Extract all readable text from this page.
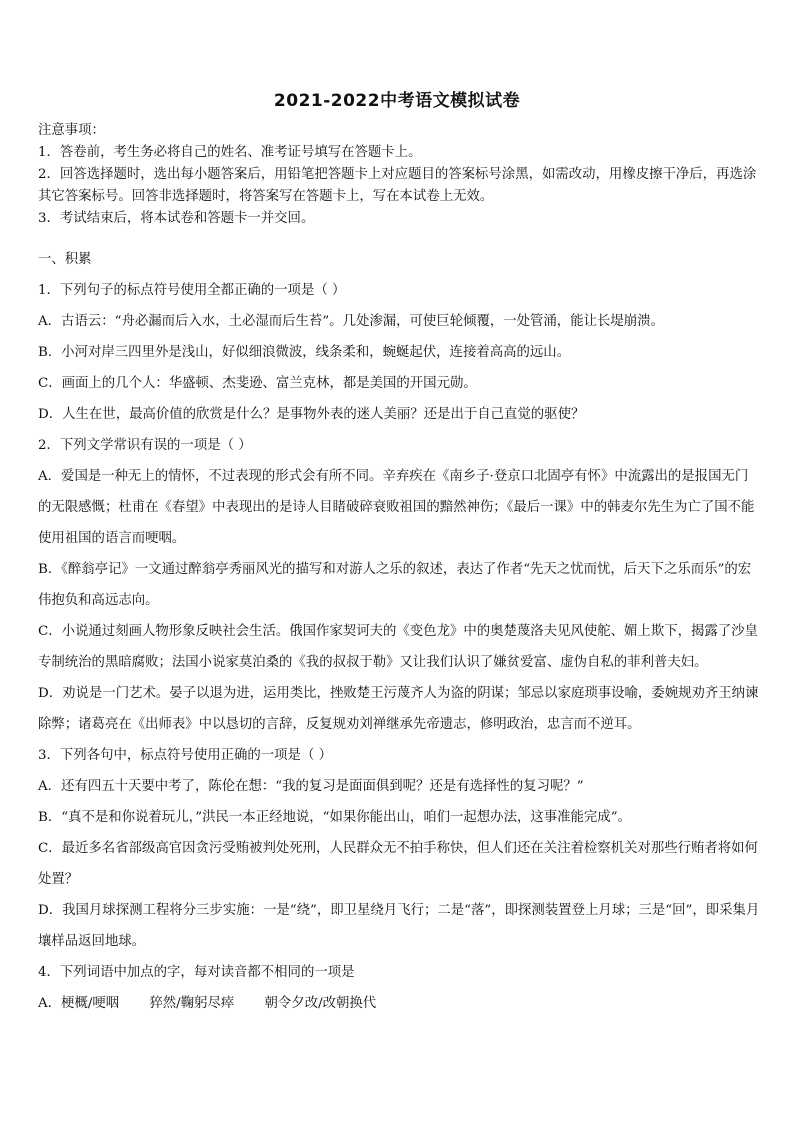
2021-2022中考语文模拟试卷

注意事项：

1．答卷前，考生务必将自己的姓名、准考证号填写在答题卡上。

2．回答选择题时，选出每小题答案后，用铅笔把答题卡上对应题目的答案标号涂黑，如需改动，用橡皮擦干净后，再选涂其它答案标号。回答非选择题时，将答案写在答题卡上，写在本试卷上无效。

3．考试结束后，将本试卷和答题卡一并交回。

一、积累

1．下列句子的标点符号使用全都正确的一项是（ ）

A．古语云：“舟必漏而后入水，土必湿而后生苔”。几处渗漏，可使巨轮倾覆，一处管涌，能让长堤崩溃。

B．小河对岸三四里外是浅山，好似细浪微波，线条柔和，蜿蜒起伏，连接着高高的远山。

C．画面上的几个人：华盛顿、杰斐逊、富兰克林，都是美国的开国元勋。

D．人生在世，最高价值的欣赏是什么？是事物外表的迷人美丽？还是出于自己直觉的驱使？

2．下列文学常识有误的一项是（ ）

A．爱国是一种无上的情怀，不过表现的形式会有所不同。辛弃疾在《南乡子·登京口北固亭有怀》中流露出的是报国无门的无限感慨；杜甫在《春望》中表现出的是诗人目睹破碎衰败祖国的黯然神伤；《最后一课》中的韩麦尔先生为亡了国不能使用祖国的语言而哽咽。

B．《醉翁亭记》一文通过醉翁亭秀丽风光的描写和对游人之乐的叙述，表达了作者“先天之忧而忧，后天下之乐而乐”的宏伟抱负和高远志向。

C．小说通过刻画人物形象反映社会生活。俄国作家契诃夫的《变色龙》中的奥楚蔑洛夫见风使舵、媚上欺下，揭露了沙皇专制统治的黑暗腐败；法国小说家莫泊桑的《我的叔叔于勒》又让我们认识了嫌贫爱富、虚伪自私的菲利普夫妇。

D．劝说是一门艺术。晏子以退为进，运用类比，挫败楚王污蔑齐人为盗的阴谋；邹忌以家庭琐事设喻，委婉规劝齐王纳谏除弊；诸葛亮在《出师表》中以恳切的言辞，反复规劝刘禅继承先帝遗志，修明政治，忠言而不逆耳。

3．下列各句中，标点符号使用正确的一项是（ ）

A．还有四五十天要中考了，陈伦在想：“我的复习是面面俱到呢？还是有选择性的复习呢？”

B．“真不是和你说着玩儿，”洪民一本正经地说，“如果你能出山，咱们一起想办法，这事准能完成”。

C．最近多名省部级高官因贪污受贿被判处死刑，人民群众无不拍手称快，但人们还在关注着检察机关对那些行贿者将如何处置？

D．我国月球探测工程将分三步实施：一是“绕”，即卫星绕月飞行；二是“落”，即探测装置登上月球；三是“回”，即采集月壤样品返回地球。

4．下列词语中加点的字，每对读音都不相同的一项是

A．梗概/哽咽 猝然/鞠躬尽瘁 朝令夕改/改朝换代
